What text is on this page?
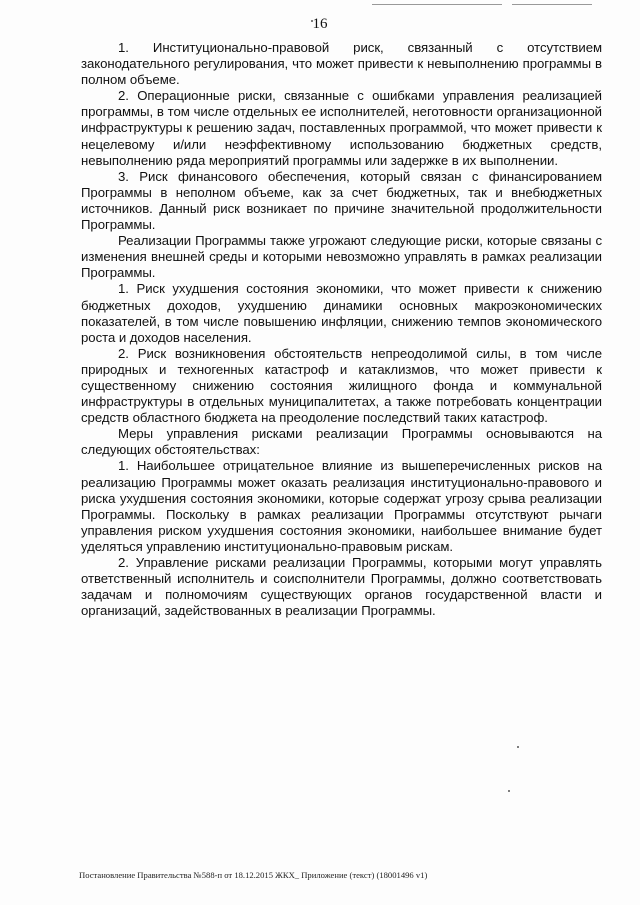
16

1. Институционально-правовой риск, связанный с отсутствием законодательного регулирования, что может привести к невыполнению программы в полном объеме.

2. Операционные риски, связанные с ошибками управления реализацией программы, в том числе отдельных ее исполнителей, неготовности организационной инфраструктуры к решению задач, поставленных программой, что может привести к нецелевому и/или неэффективному использованию бюджетных средств, невыполнению ряда мероприятий программы или задержке в их выполнении.

3. Риск финансового обеспечения, который связан с финансированием Программы в неполном объеме, как за счет бюджетных, так и внебюджетных источников. Данный риск возникает по причине значительной продолжительности Программы.

Реализации Программы также угрожают следующие риски, которые связаны с изменения внешней среды и которыми невозможно управлять в рамках реализации Программы.

1. Риск ухудшения состояния экономики, что может привести к снижению бюджетных доходов, ухудшению динамики основных макроэкономических показателей, в том числе повышению инфляции, снижению темпов экономического роста и доходов населения.

2. Риск возникновения обстоятельств непреодолимой силы, в том числе природных и техногенных катастроф и катаклизмов, что может привести к существенному снижению состояния жилищного фонда и коммунальной инфраструктуры в отдельных муниципалитетах, а также потребовать концентрации средств областного бюджета на преодоление последствий таких катастроф.

Меры управления рисками реализации Программы основываются на следующих обстоятельствах:

1. Наибольшее отрицательное влияние из вышеперечисленных рисков на реализацию Программы может оказать реализация институционально-правового и риска ухудшения состояния экономики, которые содержат угрозу срыва реализации Программы. Поскольку в рамках реализации Программы отсутствуют рычаги управления риском ухудшения состояния экономики, наибольшее внимание будет уделяться управлению институционально-правовым рискам.

2. Управление рисками реализации Программы, которыми могут управлять ответственный исполнитель и соисполнители Программы, должно соответствовать задачам и полномочиям существующих органов государственной власти и организаций, задействованных в реализации Программы.

Постановление Правительства №588-п от 18.12.2015 ЖКХ_ Приложение (текст) (18001496 v1)
